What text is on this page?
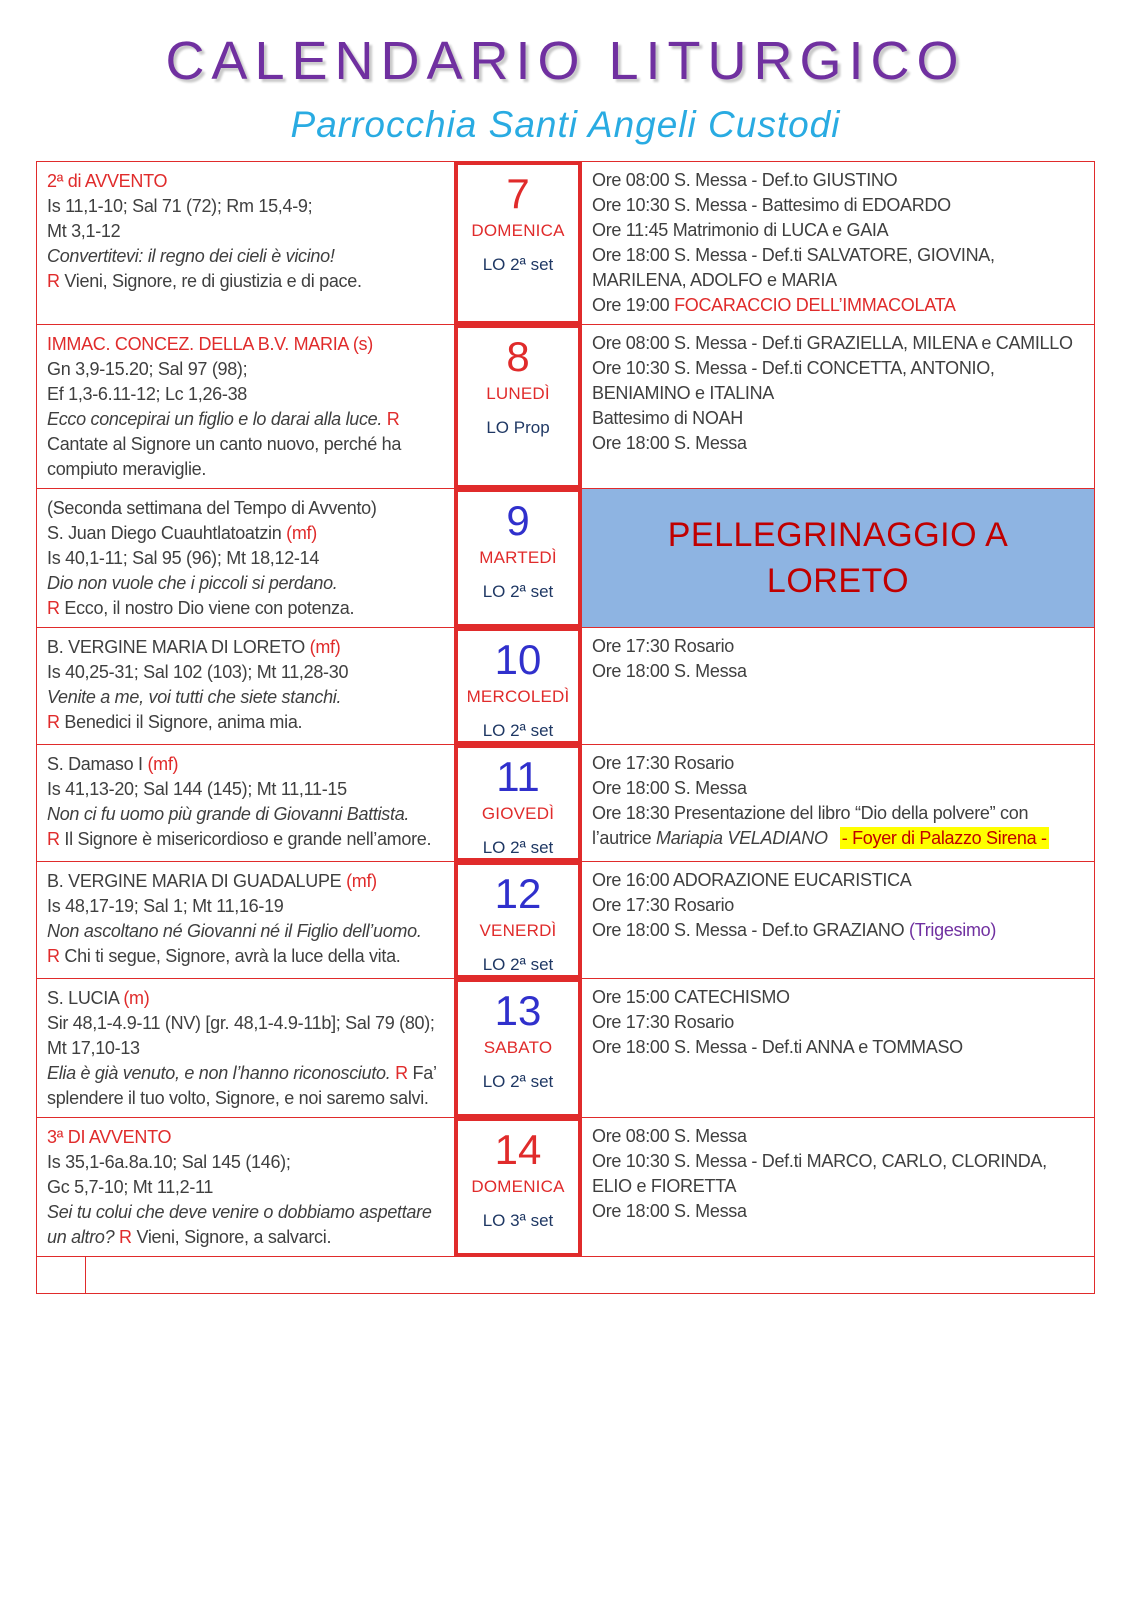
CALENDARIO LITURGICO
Parrocchia Santi Angeli Custodi
2ª di AVVENTO
Is 11,1-10; Sal 71 (72); Rm 15,4-9;
Mt 3,1-12
Convertitevi: il regno dei cieli è vicino!
R Vieni, Signore, re di giustizia e di pace.
7
DOMENICA
LO 2ª set
Ore 08:00 S. Messa - Def.to GIUSTINO
Ore 10:30 S. Messa - Battesimo di EDOARDO
Ore 11:45 Matrimonio di LUCA e GAIA
Ore 18:00 S. Messa - Def.ti SALVATORE, GIOVINA, MARILENA, ADOLFO e MARIA
Ore 19:00 FOCARACCIO DELL’IMMACOLATA
IMMAC. CONCEZ. DELLA B.V. MARIA (s)
Gn 3,9-15.20; Sal 97 (98);
Ef 1,3-6.11-12; Lc 1,26-38
Ecco concepirai un figlio e lo darai alla luce. R Cantate al Signore un canto nuovo, perché ha compiuto meraviglie.
8
LUNEDÌ
LO Prop
Ore 08:00 S. Messa - Def.ti GRAZIELLA, MILENA e CAMILLO
Ore 10:30 S. Messa - Def.ti CONCETTA, ANTONIO, BENIAMINO e ITALINA
Battesimo di NOAH
Ore 18:00 S. Messa
(Seconda settimana del Tempo di Avvento)
S. Juan Diego Cuauhtlatoatzin (mf)
Is 40,1-11; Sal 95 (96); Mt 18,12-14
Dio non vuole che i piccoli si perdano.
R Ecco, il nostro Dio viene con potenza.
9
MARTEDÌ
LO 2ª set
PELLEGRINAGGIO A
LORETO
B. VERGINE MARIA DI LORETO (mf)
Is 40,25-31; Sal 102 (103); Mt 11,28-30
Venite a me, voi tutti che siete stanchi.
R Benedici il Signore, anima mia.
10
MERCOLEDÌ
LO 2ª set
Ore 17:30 Rosario
Ore 18:00 S. Messa
S. Damaso I (mf)
Is 41,13-20; Sal 144 (145); Mt 11,11-15
Non ci fu uomo più grande di Giovanni Battista.
R Il Signore è misericordioso e grande nell’amore.
11
GIOVEDÌ
LO 2ª set
Ore 17:30 Rosario
Ore 18:00 S. Messa
Ore 18:30 Presentazione del libro “Dio della polvere” con l’autrice Mariapia VELADIANO - Foyer di Palazzo Sirena -
B. VERGINE MARIA DI GUADALUPE (mf)
Is 48,17-19; Sal 1; Mt 11,16-19
Non ascoltano né Giovanni né il Figlio dell’uomo.
R Chi ti segue, Signore, avrà la luce della vita.
12
VENERDÌ
LO 2ª set
Ore 16:00 ADORAZIONE EUCARISTICA
Ore 17:30 Rosario
Ore 18:00 S. Messa - Def.to GRAZIANO (Trigesimo)
S. LUCIA (m)
Sir 48,1-4.9-11 (NV) [gr. 48,1-4.9-11b]; Sal 79 (80);
Mt 17,10-13
Elia è già venuto, e non l’hanno riconosciuto. R Fa’ splendere il tuo volto, Signore, e noi saremo salvi.
13
SABATO
LO 2ª set
Ore 15:00 CATECHISMO
Ore 17:30 Rosario
Ore 18:00 S. Messa - Def.ti ANNA e TOMMASO
3ª DI AVVENTO
Is 35,1-6a.8a.10; Sal 145 (146);
Gc 5,7-10; Mt 11,2-11
Sei tu colui che deve venire o dobbiamo aspettare un altro? R Vieni, Signore, a salvarci.
14
DOMENICA
LO 3ª set
Ore 08:00 S. Messa
Ore 10:30 S. Messa - Def.ti MARCO, CARLO, CLORINDA, ELIO e FIORETTA
Ore 18:00 S. Messa
